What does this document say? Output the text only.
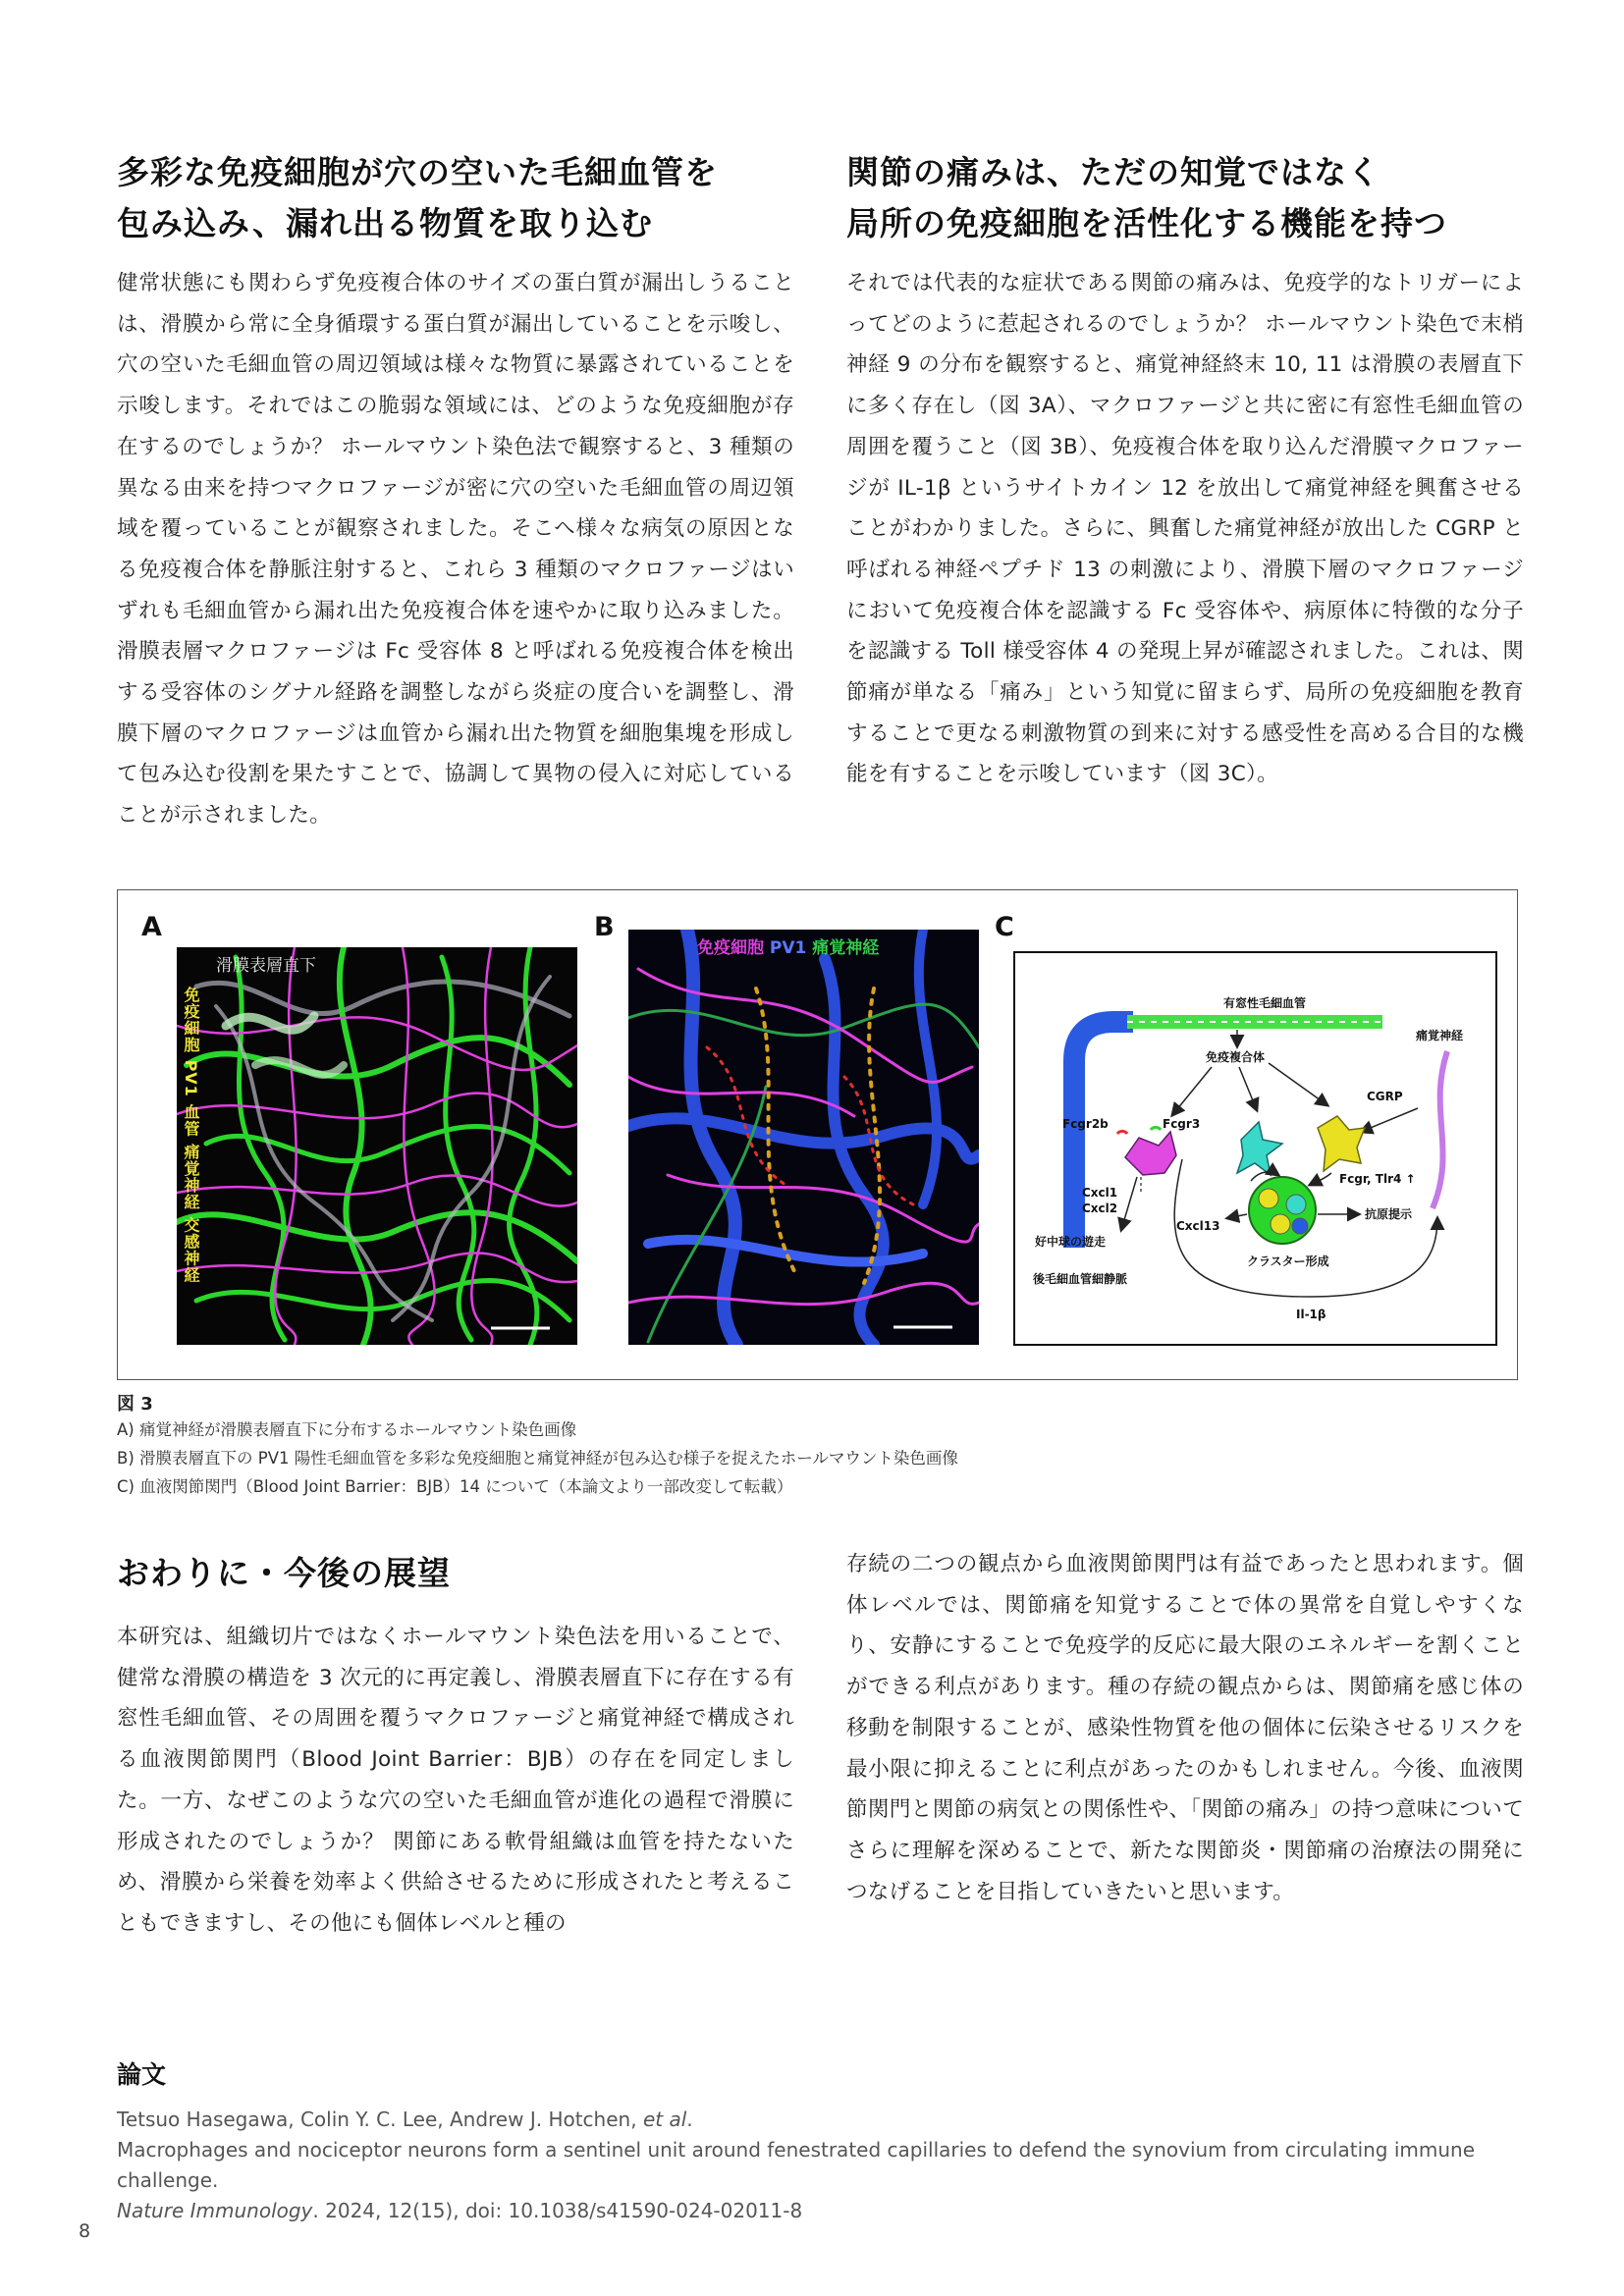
多彩な免疫細胞が穴の空いた毛細血管を
包み込み、漏れ出る物質を取り込む

健常状態にも関わらず免疫複合体のサイズの蛋白質が漏出しうることは、滑膜から常に全身循環する蛋白質が漏出していることを示唆し、穴の空いた毛細血管の周辺領域は様々な物質に暴露されていることを示唆します。それではこの脆弱な領域には、どのような免疫細胞が存在するのでしょうか？ ホールマウント染色法で観察すると、3 種類の異なる由来を持つマクロファージが密に穴の空いた毛細血管の周辺領域を覆っていることが観察されました。そこへ様々な病気の原因となる免疫複合体を静脈注射すると、これら 3 種類のマクロファージはいずれも毛細血管から漏れ出た免疫複合体を速やかに取り込みました。滑膜表層マクロファージは Fc 受容体 8 と呼ばれる免疫複合体を検出する受容体のシグナル経路を調整しながら炎症の度合いを調整し、滑膜下層のマクロファージは血管から漏れ出た物質を細胞集塊を形成して包み込む役割を果たすことで、協調して異物の侵入に対応していることが示されました。

関節の痛みは、ただの知覚ではなく
局所の免疫細胞を活性化する機能を持つ

それでは代表的な症状である関節の痛みは、免疫学的なトリガーによってどのように惹起されるのでしょうか？ ホールマウント染色で末梢神経 9 の分布を観察すると、痛覚神経終末 10, 11 は滑膜の表層直下に多く存在し（図 3A）、マクロファージと共に密に有窓性毛細血管の周囲を覆うこと（図 3B）、免疫複合体を取り込んだ滑膜マクロファージが IL-1β というサイトカイン 12 を放出して痛覚神経を興奮させることがわかりました。さらに、興奮した痛覚神経が放出した CGRP と呼ばれる神経ペプチド 13 の刺激により、滑膜下層のマクロファージにおいて免疫複合体を認識する Fc 受容体や、病原体に特徴的な分子を認識する Toll 様受容体 4 の発現上昇が確認されました。これは、関節痛が単なる「痛み」という知覚に留まらず、局所の免疫細胞を教育することで更なる刺激物質の到来に対する感受性を高める合目的な機能を有することを示唆しています（図 3C）。

A
滑膜表層直下
免疫細胞 PV1 血管 痛覚神経 交感神経
B
免疫細胞 PV1 痛覚神経
C
有窓性毛細血管
免疫複合体
痛覚神経
CGRP
Fcgr2b	Fcgr3
Fcgr, Tlr4 ↑
Cxcl1
Cxcl2
好中球の遊走
Cxcl13
抗原提示
クラスター形成
後毛細血管細静脈
Il-1β
図 3
A) 痛覚神経が滑膜表層直下に分布するホールマウント染色画像
B) 滑膜表層直下の PV1 陽性毛細血管を多彩な免疫細胞と痛覚神経が包み込む様子を捉えたホールマウント染色画像
C) 血液関節関門（Blood Joint Barrier：BJB）14 について（本論文より一部改変して転載）
おわりに・今後の展望

本研究は、組織切片ではなくホールマウント染色法を用いることで、健常な滑膜の構造を 3 次元的に再定義し、滑膜表層直下に存在する有窓性毛細血管、その周囲を覆うマクロファージと痛覚神経で構成される血液関節関門（Blood Joint Barrier：BJB）の存在を同定しました。一方、なぜこのような穴の空いた毛細血管が進化の過程で滑膜に形成されたのでしょうか？ 関節にある軟骨組織は血管を持たないため、滑膜から栄養を効率よく供給させるために形成されたと考えることもできますし、その他にも個体レベルと種の

存続の二つの観点から血液関節関門は有益であったと思われます。個体レベルでは、関節痛を知覚することで体の異常を自覚しやすくなり、安静にすることで免疫学的反応に最大限のエネルギーを割くことができる利点があります。種の存続の観点からは、関節痛を感じ体の移動を制限することが、感染性物質を他の個体に伝染させるリスクを最小限に抑えることに利点があったのかもしれません。今後、血液関節関門と関節の病気との関係性や、「関節の痛み」の持つ意味についてさらに理解を深めることで、新たな関節炎・関節痛の治療法の開発につなげることを目指していきたいと思います。

論文
Tetsuo Hasegawa, Colin Y. C. Lee, Andrew J. Hotchen, et al.
Macrophages and nociceptor neurons form a sentinel unit around fenestrated capillaries to defend the synovium from circulating immune challenge.
Nature Immunology. 2024, 12(15), doi: 10.1038/s41590-024-02011-8
8
